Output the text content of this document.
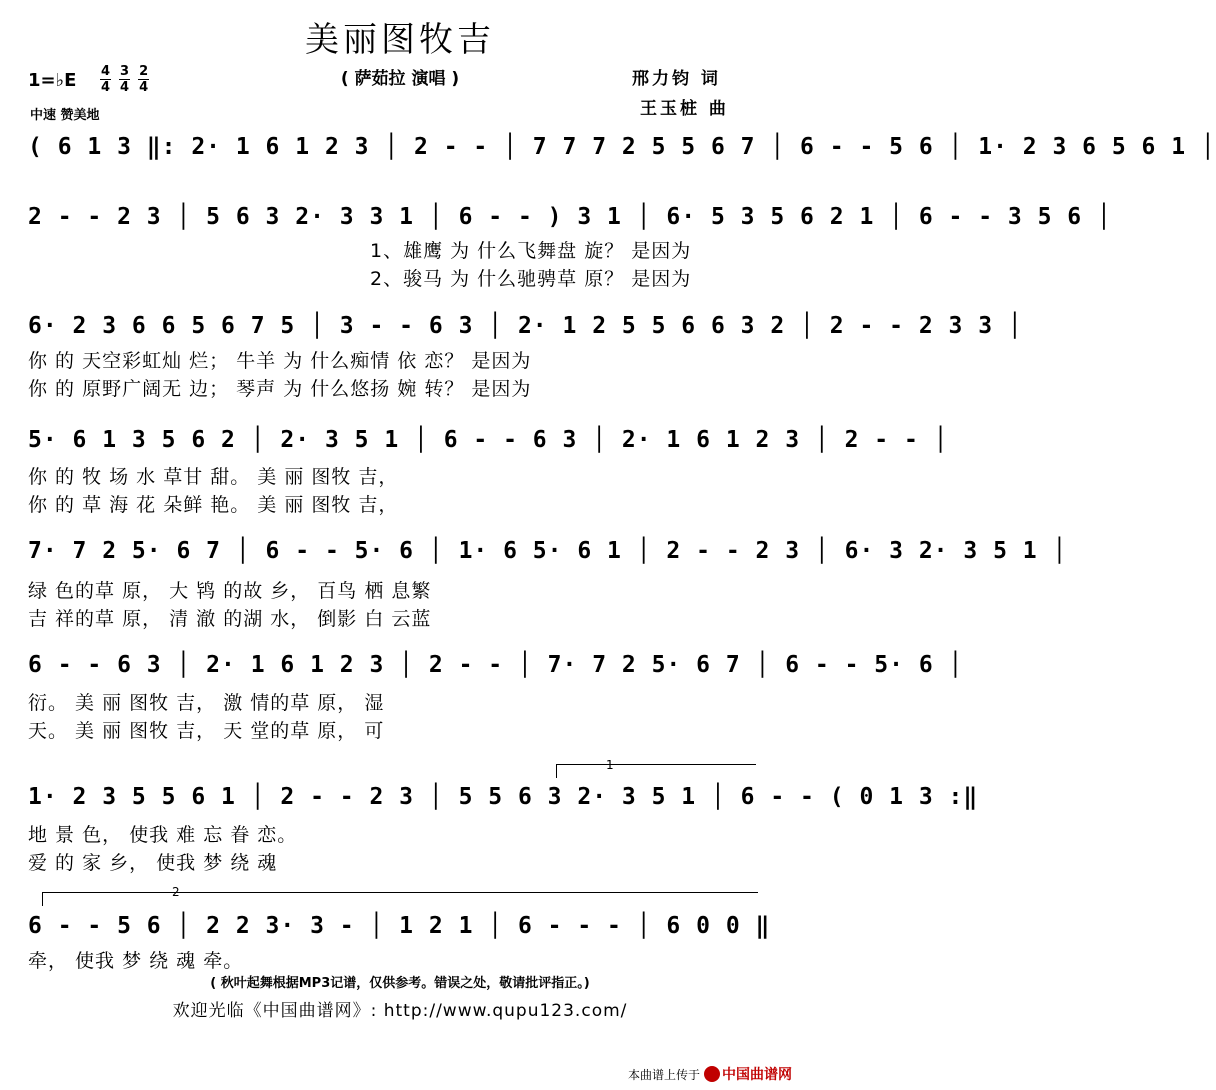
美丽图牧吉
( 萨茹拉 演唱 )	邢力钧 词
王玉桩 曲
1=♭E $\frac{4}{4} \frac{3}{4} \frac{2}{4}$
中速 赞美地
( 6 1 3 ‖: 2· 1 6 1 2 3 │ 2 - - │ 7 7 7 2 5 5 6 7 │ 6 - - 5 6 │ 1· 2 3 6 5 6 1 │
2 - - 2 3 │ 5 6 3 2· 3 3 1 │ 6 - - ) 3 1 │ 6· 5 3 5 6 2 1 │ 6 - - 3 5 6 │
1、雄鹰 为 什么飞舞盘 旋？ 是因为
2、骏马 为 什么驰骋草 原？ 是因为
6· 2 3 6 6 5 6 7 5 │ 3 - - 6 3 │ 2· 1 2 5 5 6 6 3 2 │ 2 - - 2 3 3 │
你 的 天空彩虹灿 烂； 牛羊 为 什么痴情 依 恋？ 是因为
你 的 原野广阔无 边； 琴声 为 什么悠扬 婉 转？ 是因为
5· 6 1 3 5 6 2 │ 2· 3 5 1 │ 6 - - 6 3 │ 2· 1 6 1 2 3 │ 2 - - │
你 的 牧 场 水 草甘 甜。 美 丽 图牧 吉，
你 的 草 海 花 朵鲜 艳。 美 丽 图牧 吉，
7· 7 2 5· 6 7 │ 6 - - 5· 6 │ 1· 6 5· 6 1 │ 2 - - 2 3 │ 6· 3 2· 3 5 1 │
绿 色的草 原， 大 鸨 的故 乡， 百鸟 栖 息繁
吉 祥的草 原， 清 澈 的湖 水， 倒影 白 云蓝
6 - - 6 3 │ 2· 1 6 1 2 3 │ 2 - - │ 7· 7 2 5· 6 7 │ 6 - - 5· 6 │
衍。 美 丽 图牧 吉， 激 情的草 原， 湿
天。 美 丽 图牧 吉， 天 堂的草 原， 可
1
1· 2 3 5 5 6 1 │ 2 - - 2 3 │ 5 5 6 3 2· 3 5 1 │ 6 - - ( 0 1 3 :‖
地 景 色， 使我 难 忘 眷 恋。
爱 的 家 乡， 使我 梦 绕 魂
2
6 - - 5 6 │ 2 2 3· 3 - │ 1 2 1 │ 6 - - - │ 6 0 0 ‖
牵， 使我 梦 绕 魂 牵。
( 秋叶起舞根据MP3记谱，仅供参考。错误之处，敬请批评指正。)
欢迎光临《中国曲谱网》: http://www.qupu123.com/
本曲谱上传于 中国曲谱网
